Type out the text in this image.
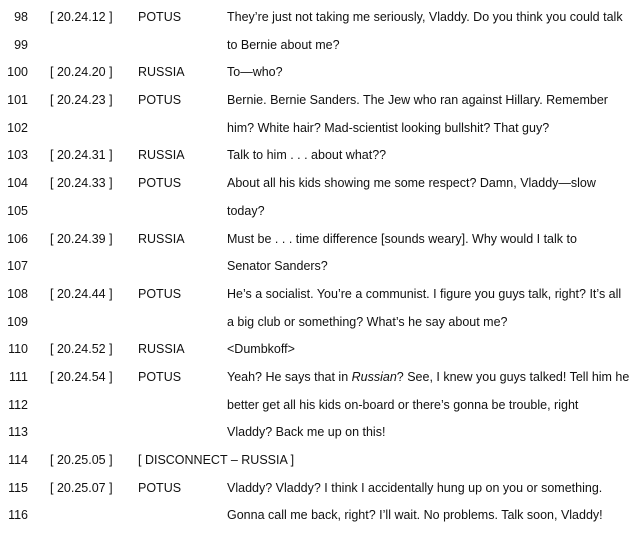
98 [ 20.24.12 ] POTUS	They’re just not taking me seriously, Vladdy. Do you think you could talk
99	to Bernie about me?
100 [ 20.24.20 ] RUSSIA	To—who?
101 [ 20.24.23 ] POTUS	Bernie. Bernie Sanders. The Jew who ran against Hillary. Remember
102	him? White hair? Mad-scientist looking bullshit? That guy?
103 [ 20.24.31 ] RUSSIA	Talk to him . . . about what??
104 [ 20.24.33 ] POTUS	About all his kids showing me some respect? Damn, Vladdy—slow
105	today?
106 [ 20.24.39 ] RUSSIA	Must be . . . time difference [sounds weary]. Why would I talk to
107	Senator Sanders?
108 [ 20.24.44 ] POTUS	He’s a socialist. You’re a communist. I figure you guys talk, right? It’s all
109	a big club or something? What’s he say about me?
110 [ 20.24.52 ] RUSSIA	<Dumbkoff>
111 [ 20.24.54 ] POTUS	Yeah? He says that in Russian? See, I knew you guys talked! Tell him he
112	better get all his kids on-board or there’s gonna be trouble, right
113	Vladdy? Back me up on this!
114 [ 20.25.05 ] [ DISCONNECT – RUSSIA ]
115 [ 20.25.07 ] POTUS	Vladdy? Vladdy? I think I accidentally hung up on you or something.
116	Gonna call me back, right? I’ll wait. No problems. Talk soon, Vladdy!
